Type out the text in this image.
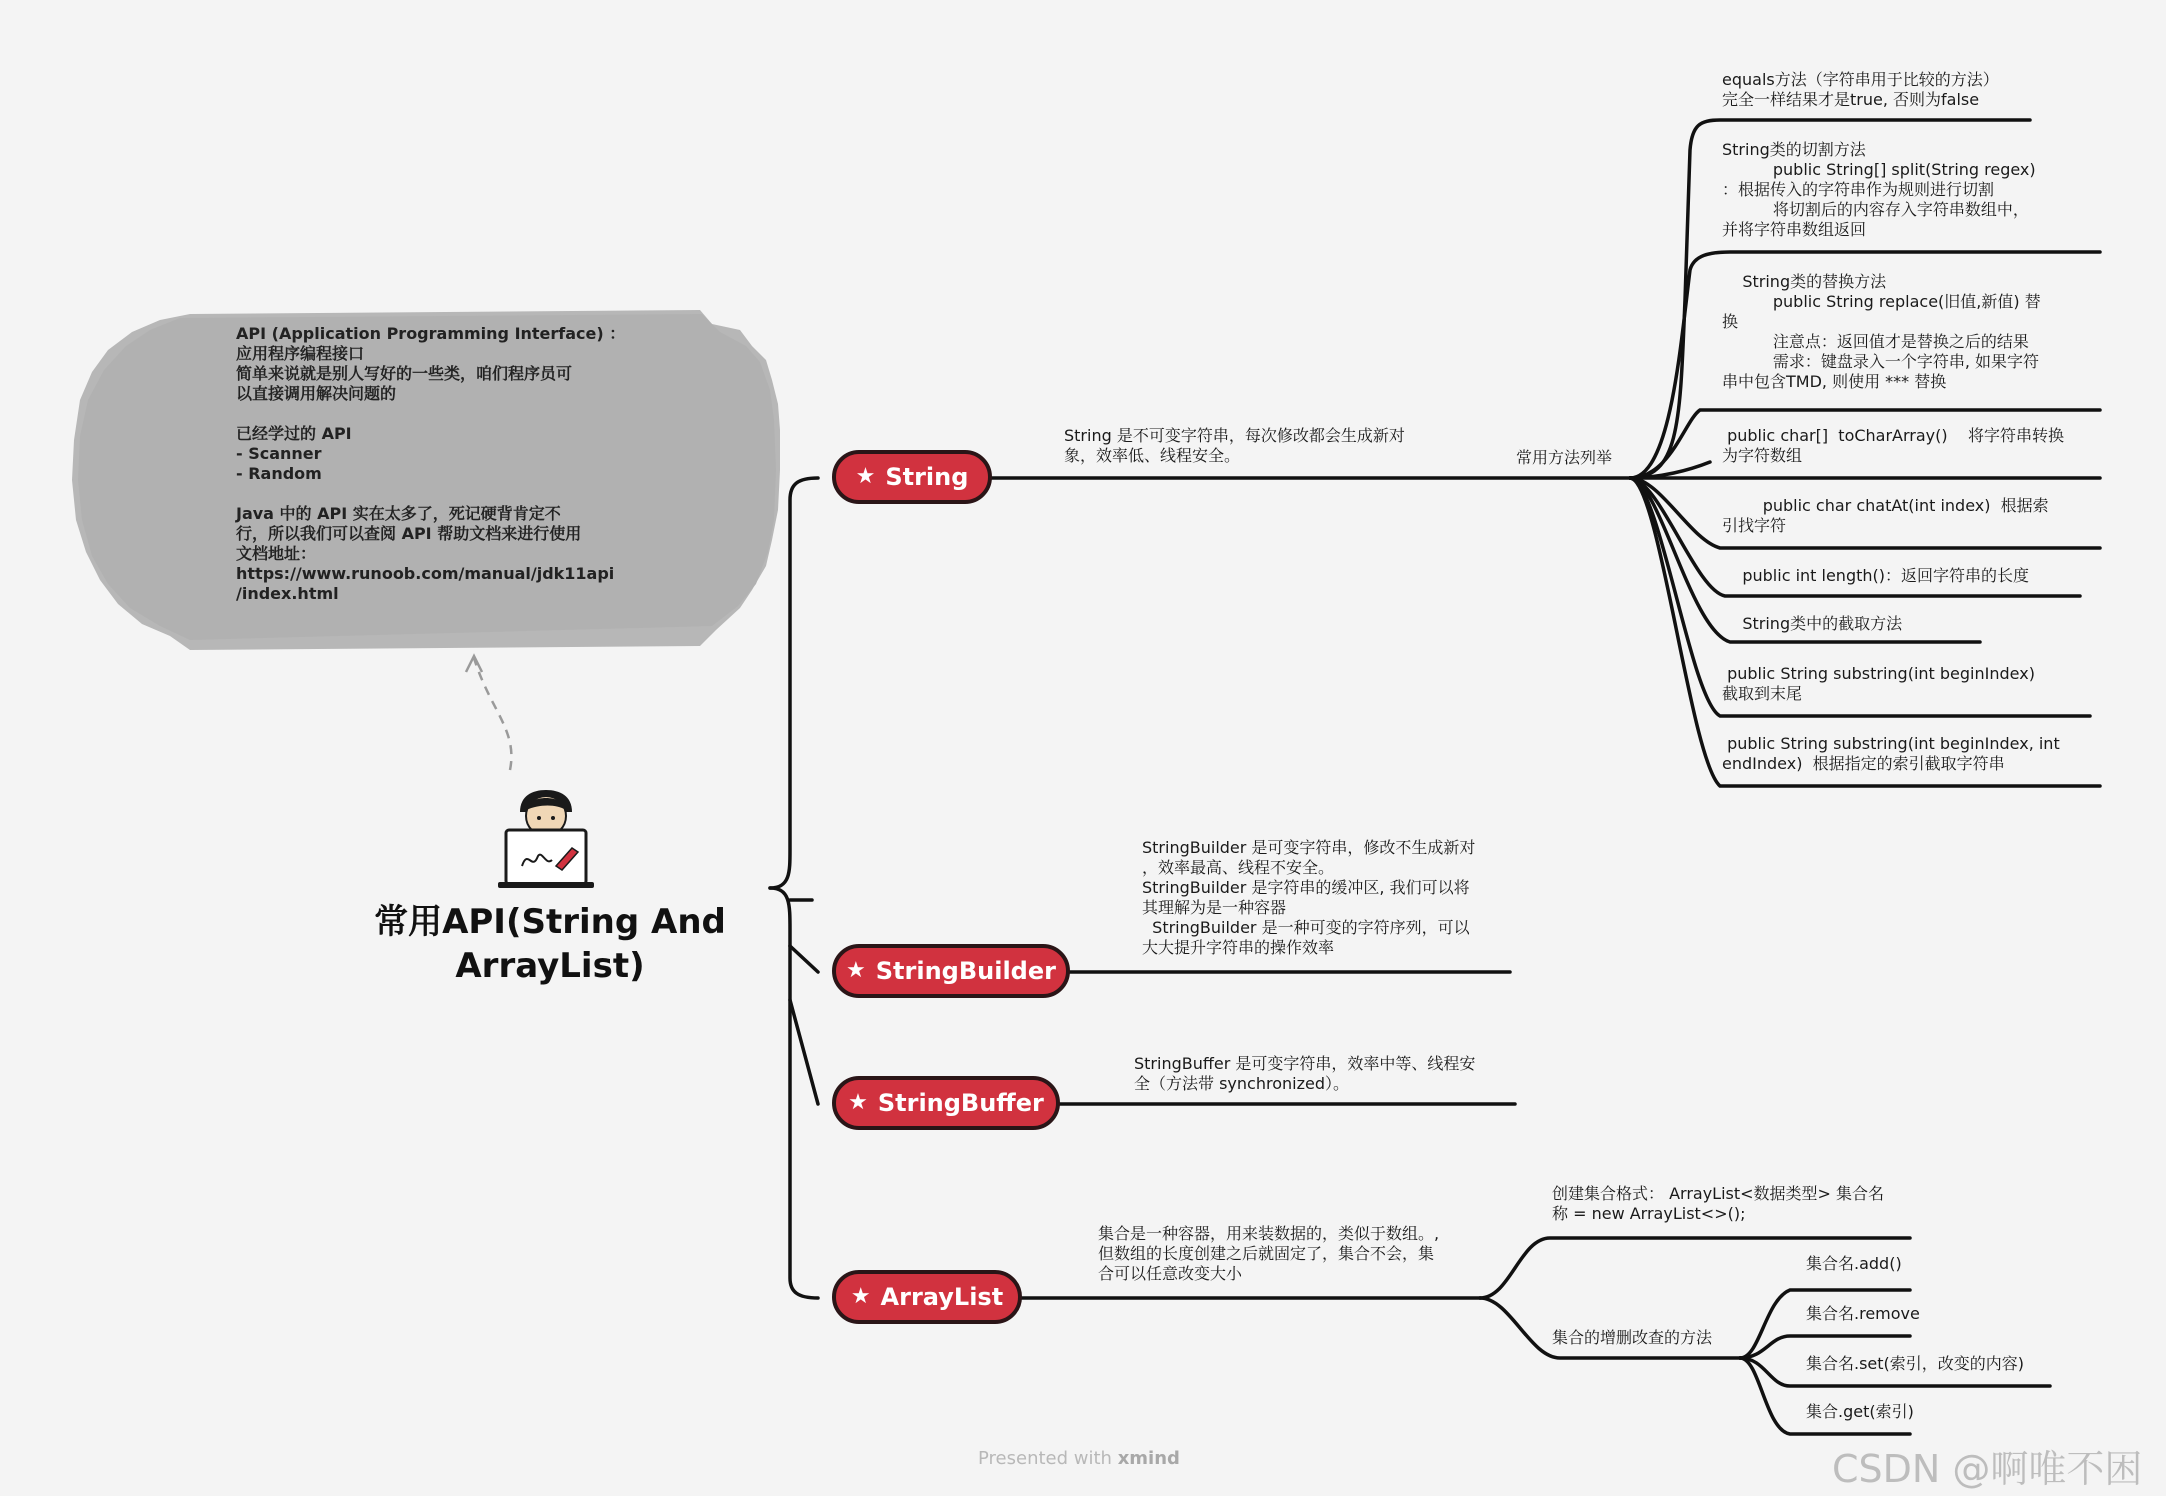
API (Application Programming Interface) ：
应用程序编程接口
简单来说就是别人写好的一些类，咱们程序员可
以直接调用解决问题的

已经学过的 API
- Scanner
- Random

Java 中的 API 实在太多了，死记硬背肯定不
行，所以我们可以查阅 API 帮助文档来进行使用
文档地址：
https://www.runoob.com/manual/jdk11api
/index.html
常用API(String And
ArrayList)
★ String
★ StringBuilder
★ StringBuffer
★ ArrayList
String 是不可变字符串，每次修改都会生成新对
象，效率低、线程安全。	常用方法列举
equals方法（字符串用于比较的方法）
完全一样结果才是true, 否则为false
String类的切割方法
public String[] split(String regex)
：根据传入的字符串作为规则进行切割
将切割后的内容存入字符串数组中，
并将字符串数组返回
String类的替换方法
public String replace(旧值,新值) 替
换
注意点：返回值才是替换之后的结果
需求：键盘录入一个字符串, 如果字符
串中包含TMD, 则使用 *** 替换
public char[]  toCharArray()    将字符串转换
为字符数组
public char chatAt(int index)  根据索
引找字符
public int length()：返回字符串的长度
String类中的截取方法
public String substring(int beginIndex)
截取到末尾
public String substring(int beginIndex, int
endIndex)  根据指定的索引截取字符串
StringBuilder 是可变字符串，修改不生成新对
，效率最高、线程不安全。
StringBuilder 是字符串的缓冲区, 我们可以将
其理解为是一种容器
StringBuilder 是一种可变的字符序列，可以
大大提升字符串的操作效率
StringBuffer 是可变字符串，效率中等、线程安
全（方法带 synchronized）。
集合是一种容器，用来装数据的，类似于数组。,
但数组的长度创建之后就固定了，集合不会，集
合可以任意改变大小
创建集合格式： ArrayList<数据类型> 集合名
称 = new ArrayList<>();
集合的增删改查的方法
集合名.add()
集合名.remove
集合名.set(索引，改变的内容)
集合.get(索引)
Presented with xmind	CSDN @啊唯不困
